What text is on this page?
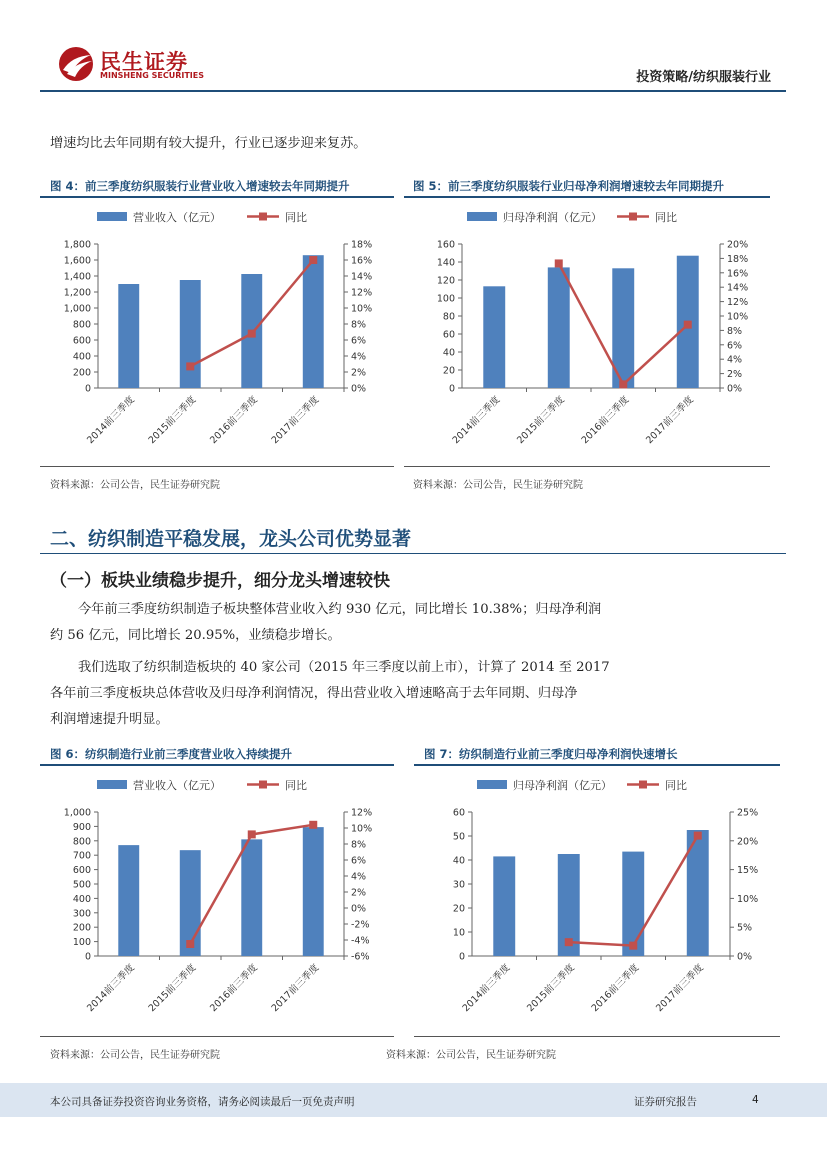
民生证券
MINSHENG SECURITIES	投资策略/纺织服装行业
增速均比去年同期有较大提升，行业已逐步迎来复苏。
图 4：前三季度纺织服装行业营业收入增速较去年同期提升
营业收入（亿元）	同比
0
200
400
600
800
1,000
1,200
1,400
1,600
1,800
0%
2%
4%
6%
8%
10%
12%
14%
16%
18%
2014前三季度 2015前三季度 2016前三季度 2017前三季度
资料来源：公司公告，民生证券研究院
图 5：前三季度纺织服装行业归母净利润增速较去年同期提升
归母净利润（亿元）	同比
0
20
40
60
80
100
120
140
160
0%
2%
4%
6%
8%
10%
12%
14%
16%
18%
20%
2014前三季度 2015前三季度 2016前三季度 2017前三季度
资料来源：公司公告，民生证券研究院
二、纺织制造平稳发展，龙头公司优势显著
（一）板块业绩稳步提升，细分龙头增速较快
今年前三季度纺织制造子板块整体营业收入约 930 亿元，同比增长 10.38%；归母净利润
约 56 亿元，同比增长 20.95%，业绩稳步增长。
我们选取了纺织制造板块的 40 家公司（2015 年三季度以前上市），计算了 2014 至 2017
各年前三季度板块总体营收及归母净利润情况，得出营业收入增速略高于去年同期、归母净
利润增速提升明显。
图 6：纺织制造行业前三季度营业收入持续提升
营业收入（亿元）	同比
0
100
200
300
400
500
600
700
800
900
1,000
-6%
-4%
-2%
0%
2%
4%
6%
8%
10%
12%
2014前三季度 2015前三季度 2016前三季度 2017前三季度
资料来源：公司公告，民生证券研究院
图 7：纺织制造行业前三季度归母净利润快速增长
归母净利润（亿元）	同比
0
10
20
30
40
50
60
0%
5%
10%
15%
20%
25%
2014前三季度 2015前三季度 2016前三季度 2017前三季度
资料来源：公司公告，民生证券研究院
本公司具备证券投资咨询业务资格，请务必阅读最后一页免责声明	证券研究报告	4
